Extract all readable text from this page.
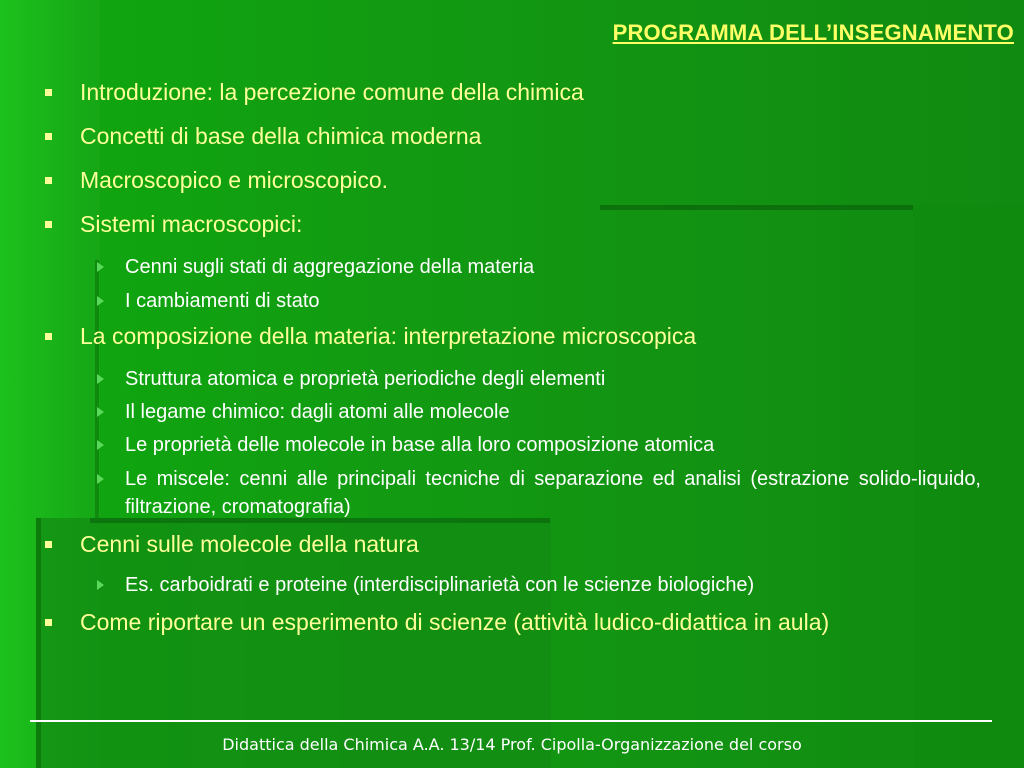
PROGRAMMA DELL’INSEGNAMENTO
Introduzione: la percezione comune della chimica
Concetti di base della chimica moderna
Macroscopico e microscopico.
Sistemi macroscopici:
Cenni sugli stati di aggregazione della materia
I cambiamenti di stato
La composizione della materia: interpretazione microscopica
Struttura atomica e proprietà periodiche degli elementi
Il legame chimico: dagli atomi alle molecole
Le proprietà delle molecole in base alla loro composizione atomica
Le miscele: cenni alle principali tecniche di separazione ed analisi (estrazione solido-liquido, filtrazione, cromatografia)
Cenni sulle molecole della natura
Es. carboidrati e proteine (interdisciplinarietà con le scienze biologiche)
Come riportare un esperimento di scienze (attività ludico-didattica in aula)
Didattica della Chimica A.A. 13/14 Prof. Cipolla-Organizzazione del corso
